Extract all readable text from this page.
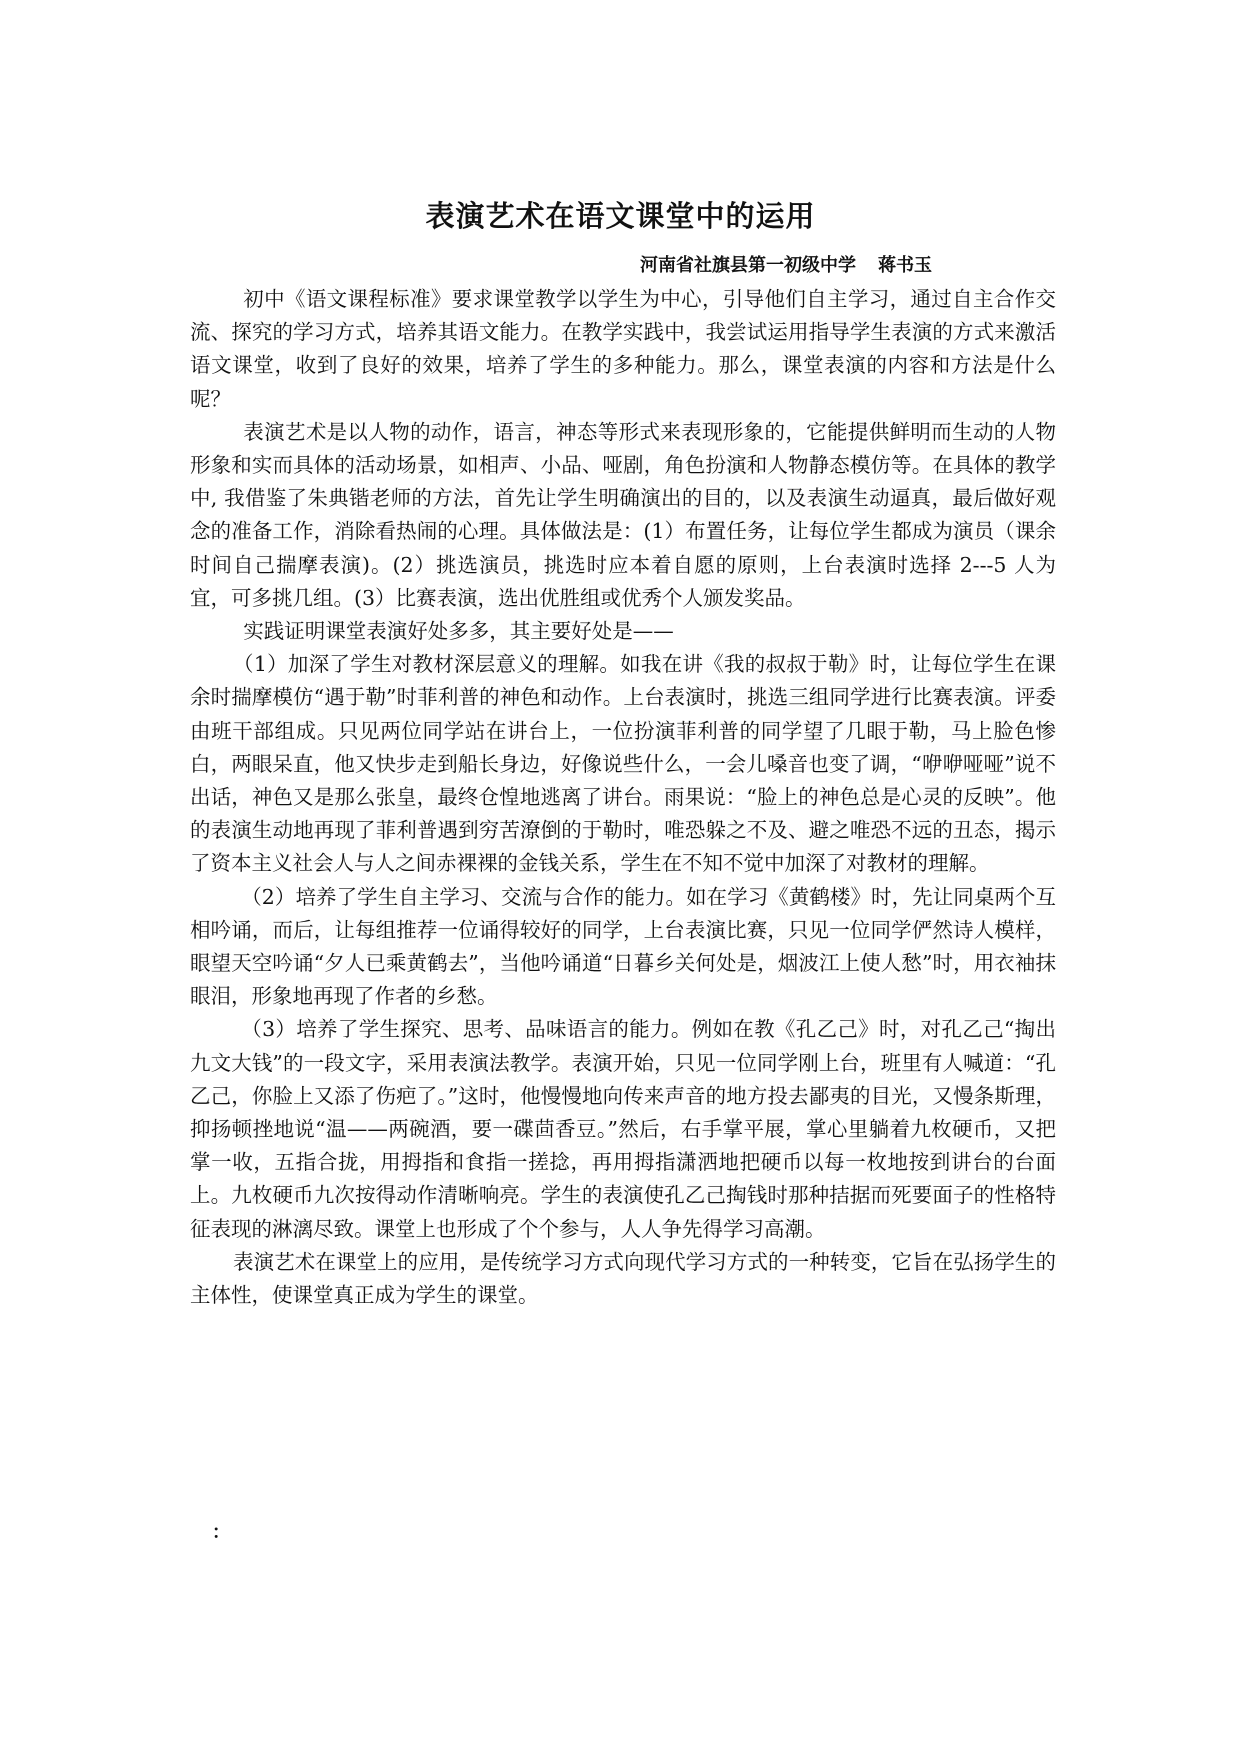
表演艺术在语文课堂中的运用
河南省社旗县第一初级中学 蒋书玉

初中《语文课程标准》要求课堂教学以学生为中心，引导他们自主学习，通过自主合作交流、探究的学习方式，培养其语文能力。在教学实践中，我尝试运用指导学生表演的方式来激活语文课堂，收到了良好的效果，培养了学生的多种能力。那么，课堂表演的内容和方法是什么呢？

表演艺术是以人物的动作，语言，神态等形式来表现形象的，它能提供鲜明而生动的人物形象和实而具体的活动场景，如相声、小品、哑剧，角色扮演和人物静态模仿等。在具体的教学中, 我借鉴了朱典锴老师的方法，首先让学生明确演出的目的，以及表演生动逼真，最后做好观念的准备工作，消除看热闹的心理。具体做法是：(1）布置任务，让每位学生都成为演员（课余时间自己揣摩表演)。(2）挑选演员，挑选时应本着自愿的原则，上台表演时选择 2---5 人为宜，可多挑几组。(3）比赛表演，选出优胜组或优秀个人颁发奖品。

实践证明课堂表演好处多多，其主要好处是——

（1）加深了学生对教材深层意义的理解。如我在讲《我的叔叔于勒》时，让每位学生在课余时揣摩模仿“遇于勒”时菲利普的神色和动作。上台表演时，挑选三组同学进行比赛表演。评委由班干部组成。只见两位同学站在讲台上，一位扮演菲利普的同学望了几眼于勒，马上脸色惨白，两眼呆直，他又快步走到船长身边，好像说些什么，一会儿嗓音也变了调，“咿咿哑哑”说不出话，神色又是那么张皇，最终仓惶地逃离了讲台。雨果说：“脸上的神色总是心灵的反映”。他的表演生动地再现了菲利普遇到穷苦潦倒的于勒时，唯恐躲之不及、避之唯恐不远的丑态，揭示了资本主义社会人与人之间赤裸裸的金钱关系，学生在不知不觉中加深了对教材的理解。

（2）培养了学生自主学习、交流与合作的能力。如在学习《黄鹤楼》时，先让同桌两个互相吟诵，而后，让每组推荐一位诵得较好的同学，上台表演比赛，只见一位同学俨然诗人模样，眼望天空吟诵“夕人已乘黄鹤去”，当他吟诵道“日暮乡关何处是，烟波江上使人愁”时，用衣袖抹眼泪，形象地再现了作者的乡愁。

（3）培养了学生探究、思考、品味语言的能力。例如在教《孔乙己》时，对孔乙己“掏出九文大钱”的一段文字，采用表演法教学。表演开始，只见一位同学刚上台，班里有人喊道：“孔乙己，你脸上又添了伤疤了。”这时，他慢慢地向传来声音的地方投去鄙夷的目光，又慢条斯理，抑扬顿挫地说“温——两碗酒，要一碟茴香豆。”然后，右手掌平展，掌心里躺着九枚硬币，又把掌一收，五指合拢，用拇指和食指一搓捻，再用拇指潇洒地把硬币以每一枚地按到讲台的台面上。九枚硬币九次按得动作清晰响亮。学生的表演使孔乙己掏钱时那种拮据而死要面子的性格特征表现的淋漓尽致。课堂上也形成了个个参与，人人争先得学习高潮。

表演艺术在课堂上的应用，是传统学习方式向现代学习方式的一种转变，它旨在弘扬学生的主体性，使课堂真正成为学生的课堂。

：
